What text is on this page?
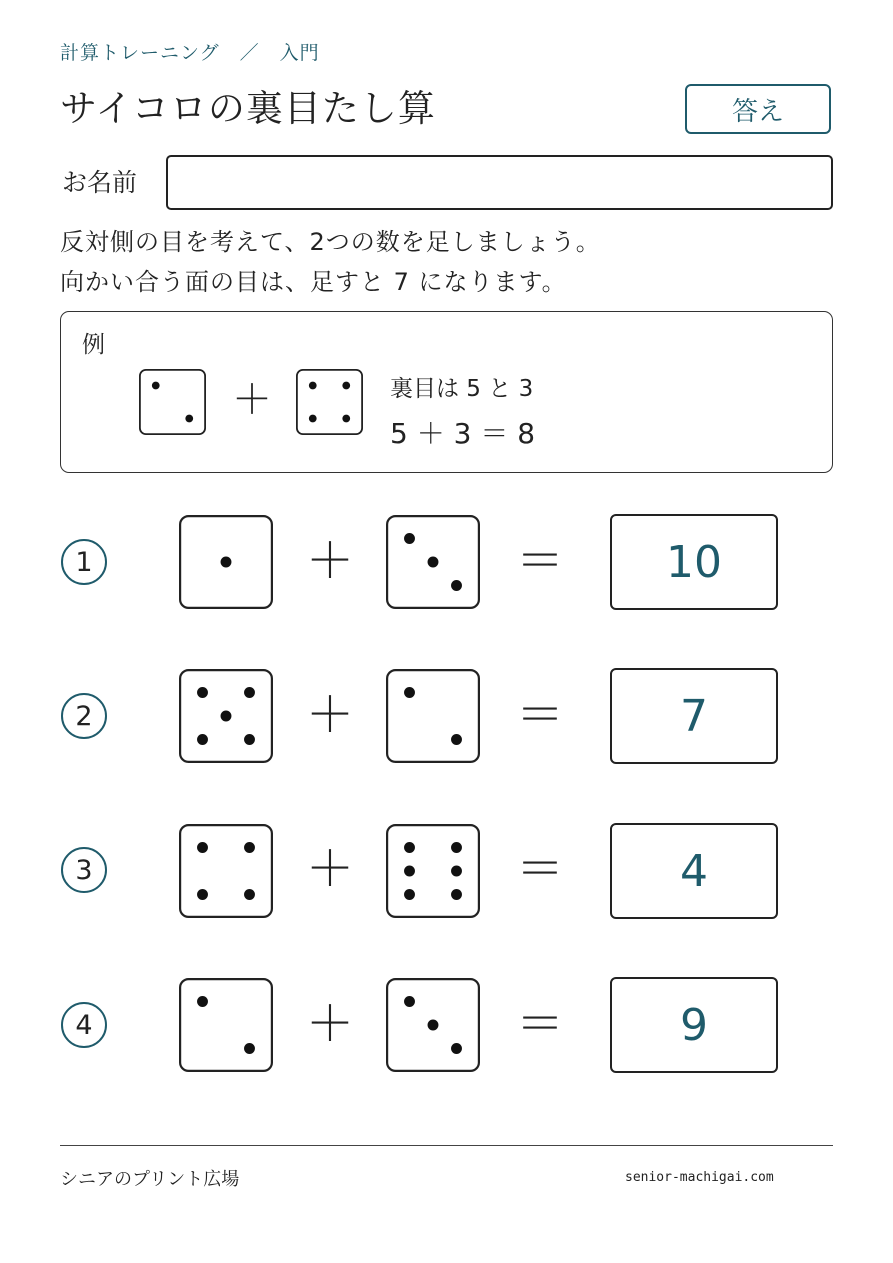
計算トレーニング　／　入門
サイコロの裏目たし算	答え
お名前
反対側の目を考えて、2つの数を足しましょう。
向かい合う面の目は、足すと 7 になります。
例
＋	裏目は 5 と 3
5 ＋ 3 ＝ 8
1	＋	＝	10
2	＋	＝	7
3	＋	＝	4
4	＋	＝	9
シニアのプリント広場	senior-machigai.com
